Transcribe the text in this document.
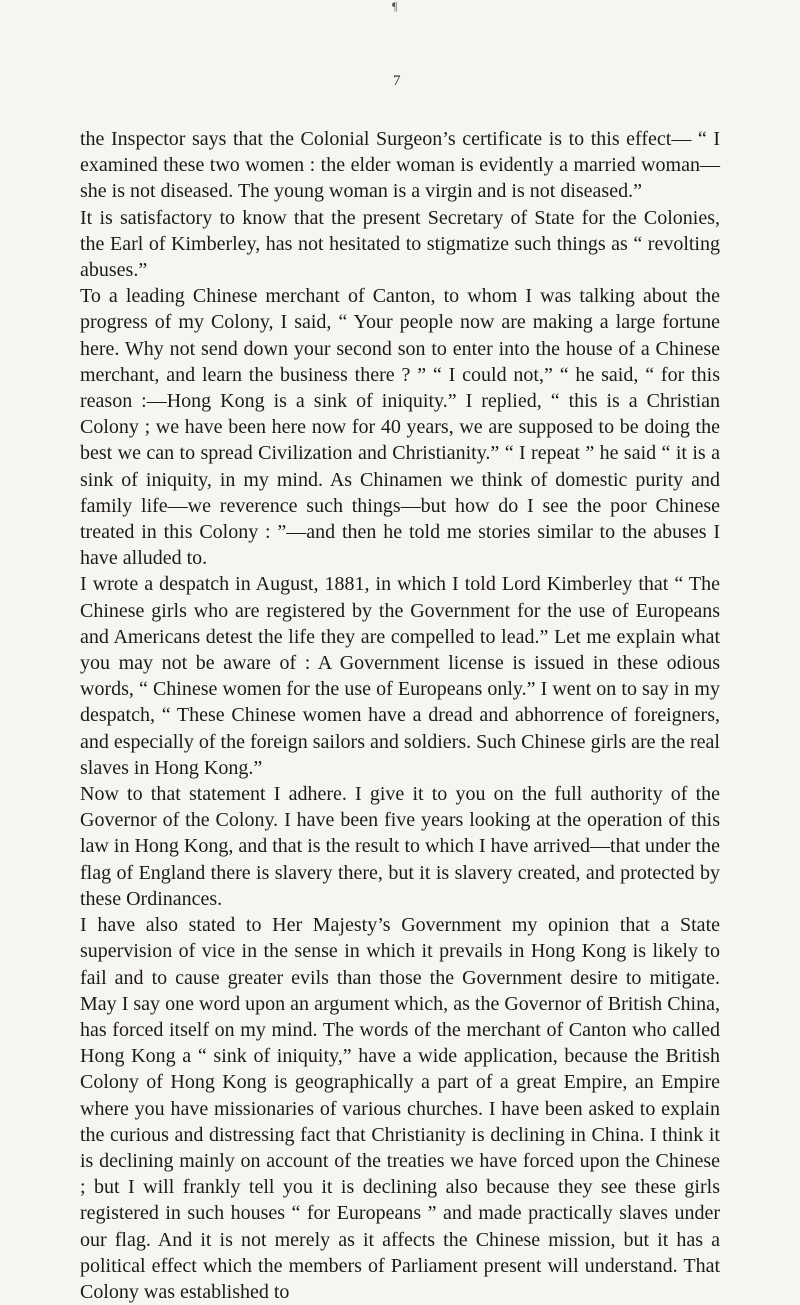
¶
7

the Inspector says that the Colonial Surgeon’s certificate is to this effect— “ I examined these two women : the elder woman is evidently a married woman—she is not diseased. The young woman is a virgin and is not diseased.”

It is satisfactory to know that the present Secretary of State for the Colonies, the Earl of Kimberley, has not hesitated to stigmatize such things as “ revolting abuses.”

To a leading Chinese merchant of Canton, to whom I was talking about the progress of my Colony, I said, “ Your people now are making a large fortune here. Why not send down your second son to enter into the house of a Chinese merchant, and learn the business there ? ” “ I could not,” “ he said, “ for this reason :—Hong Kong is a sink of iniquity.” I replied, “ this is a Christian Colony ; we have been here now for 40 years, we are supposed to be doing the best we can to spread Civilization and Christianity.” “ I repeat ” he said “ it is a sink of iniquity, in my mind. As Chinamen we think of domestic purity and family life—we reverence such things—but how do I see the poor Chinese treated in this Colony : ”—and then he told me stories similar to the abuses I have alluded to.

I wrote a despatch in August, 1881, in which I told Lord Kimberley that “ The Chinese girls who are registered by the Government for the use of Europeans and Americans detest the life they are compelled to lead.” Let me explain what you may not be aware of : A Government license is issued in these odious words, “ Chinese women for the use of Europeans only.” I went on to say in my despatch, “ These Chinese women have a dread and abhorrence of foreigners, and especially of the foreign sailors and soldiers. Such Chinese girls are the real slaves in Hong Kong.”

Now to that statement I adhere. I give it to you on the full authority of the Governor of the Colony. I have been five years looking at the operation of this law in Hong Kong, and that is the result to which I have arrived—that under the flag of England there is slavery there, but it is slavery created, and protected by these Ordinances.

I have also stated to Her Majesty’s Government my opinion that a State supervision of vice in the sense in which it prevails in Hong Kong is likely to fail and to cause greater evils than those the Government desire to mitigate. May I say one word upon an argument which, as the Governor of British China, has forced itself on my mind. The words of the merchant of Canton who called Hong Kong a “ sink of iniquity,” have a wide application, because the British Colony of Hong Kong is geographically a part of a great Empire, an Empire where you have missionaries of various churches. I have been asked to explain the curious and distressing fact that Christianity is declining in China. I think it is declining mainly on account of the treaties we have forced upon the Chinese ; but I will frankly tell you it is declining also because they see these girls registered in such houses “ for Europeans ” and made practically slaves under our flag. And it is not merely as it affects the Chinese mission, but it has a political effect which the members of Parliament present will understand. That Colony was established to
